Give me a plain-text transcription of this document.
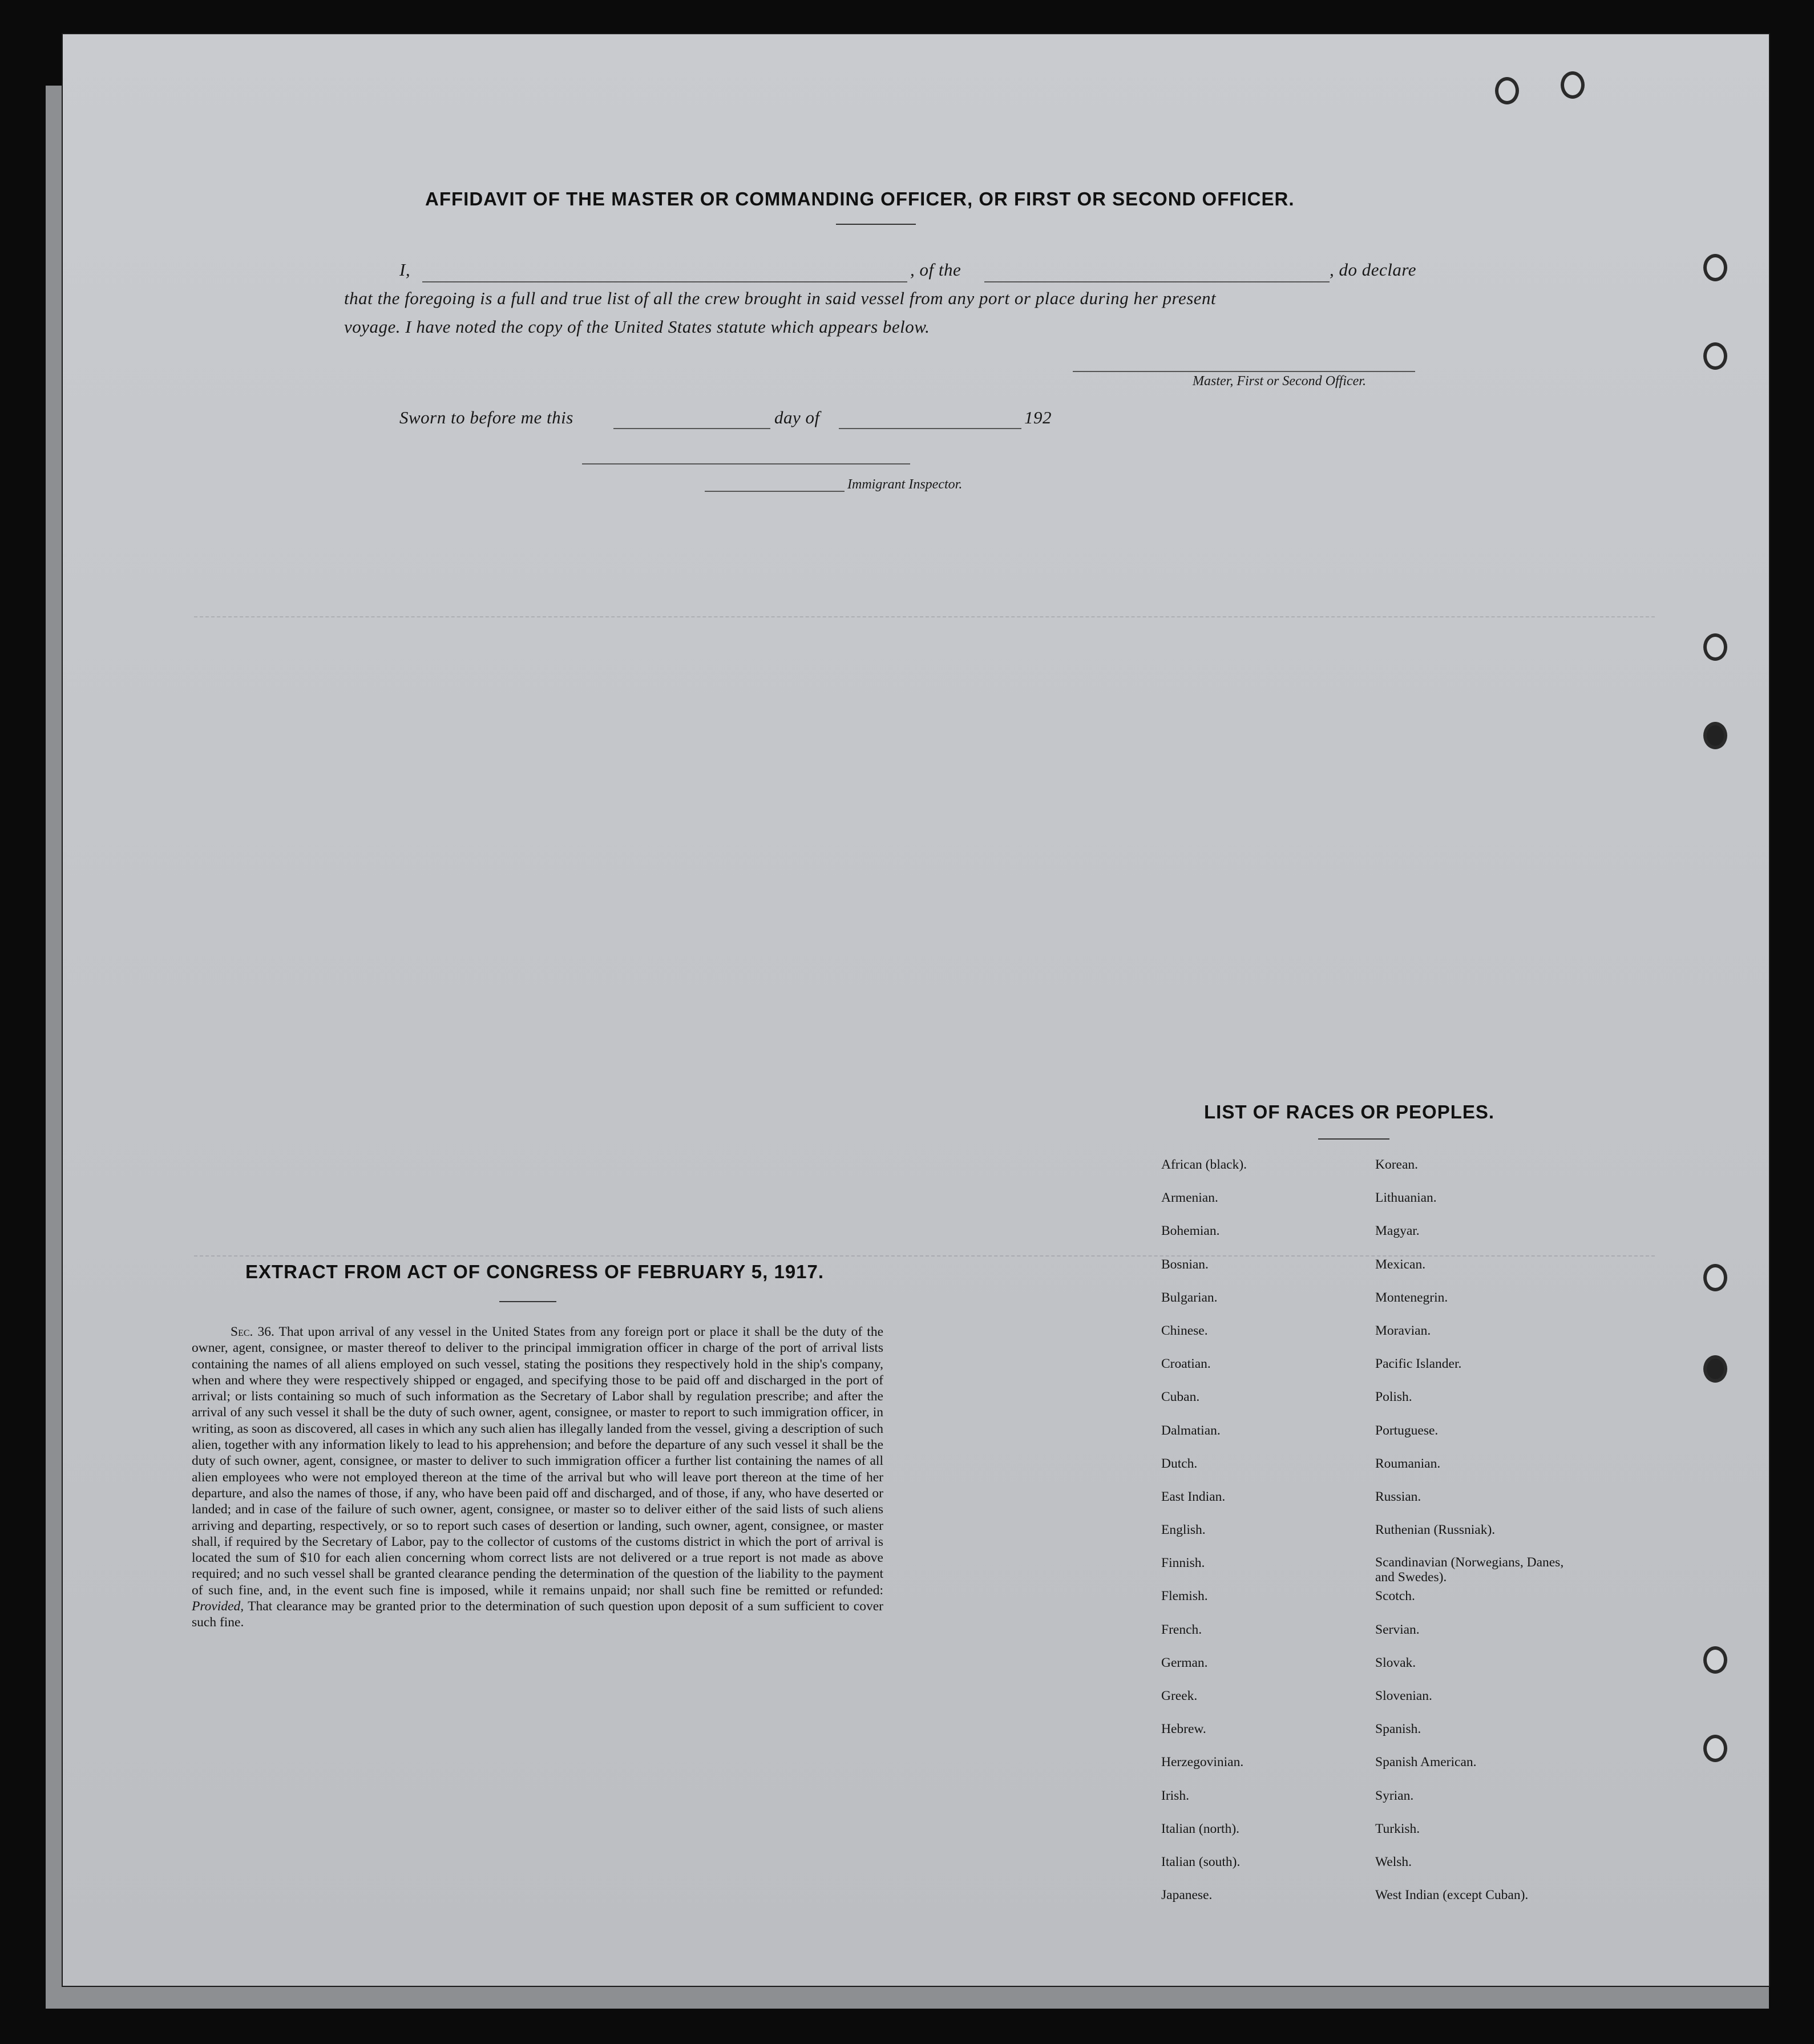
AFFIDAVIT OF THE MASTER OR COMMANDING OFFICER, OR FIRST OR SECOND OFFICER.
I,	, of the	, do declare
that the foregoing is a full and true list of all the crew brought in said vessel from any port or place during her present
voyage. I have noted the copy of the United States statute which appears below.
Master, First or Second Officer.
Sworn to before me this	day of	192
Immigrant Inspector.
EXTRACT FROM ACT OF CONGRESS OF FEBRUARY 5, 1917.
Sec. 36. That upon arrival of any vessel in the United States from any foreign port or place it shall be the duty of the owner, agent, consignee, or master thereof to deliver to the principal immigration officer in charge of the port of arrival lists containing the names of all aliens employed on such vessel, stating the positions they respectively hold in the ship's company, when and where they were respectively shipped or engaged, and specifying those to be paid off and discharged in the port of arrival; or lists containing so much of such information as the Secretary of Labor shall by regulation prescribe; and after the arrival of any such vessel it shall be the duty of such owner, agent, consignee, or master to report to such immigration officer, in writing, as soon as discovered, all cases in which any such alien has illegally landed from the vessel, giving a description of such alien, together with any information likely to lead to his apprehension; and before the departure of any such vessel it shall be the duty of such owner, agent, consignee, or master to deliver to such immigration officer a further list containing the names of all alien employees who were not employed thereon at the time of the arrival but who will leave port thereon at the time of her departure, and also the names of those, if any, who have been paid off and discharged, and of those, if any, who have deserted or landed; and in case of the failure of such owner, agent, consignee, or master so to deliver either of the said lists of such aliens arriving and departing, respectively, or so to report such cases of desertion or landing, such owner, agent, consignee, or master shall, if required by the Secretary of Labor, pay to the collector of customs of the customs district in which the port of arrival is located the sum of $10 for each alien concerning whom correct lists are not delivered or a true report is not made as above required; and no such vessel shall be granted clearance pending the determination of the question of the liability to the payment of such fine, and, in the event such fine is imposed, while it remains unpaid; nor shall such fine be remitted or refunded: Provided, That clearance may be granted prior to the determination of such question upon deposit of a sum sufficient to cover such fine.
LIST OF RACES OR PEOPLES.
African (black).	Korean.
Armenian.	Lithuanian.
Bohemian.	Magyar.
Bosnian.	Mexican.
Bulgarian.	Montenegrin.
Chinese.	Moravian.
Croatian.	Pacific Islander.
Cuban.	Polish.
Dalmatian.	Portuguese.
Dutch.	Roumanian.
East Indian.	Russian.
English.	Ruthenian (Russniak).
Finnish.	Scandinavian (Norwegians, Danes, and Swedes).
Flemish.	Scotch.
French.	Servian.
German.	Slovak.
Greek.	Slovenian.
Hebrew.	Spanish.
Herzegovinian.	Spanish American.
Irish.	Syrian.
Italian (north).	Turkish.
Italian (south).	Welsh.
Japanese.	West Indian (except Cuban).
